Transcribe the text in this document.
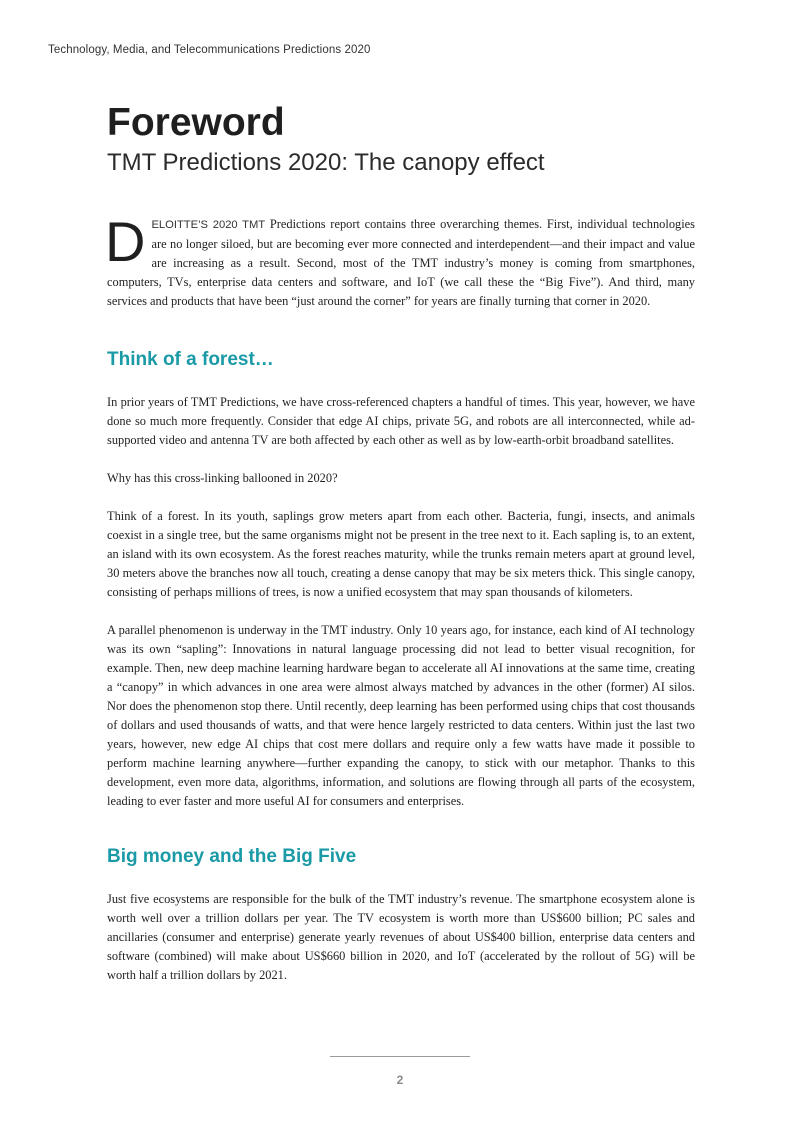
Technology, Media, and Telecommunications Predictions 2020
Foreword
TMT Predictions 2020: The canopy effect

DELOITTE’S 2020 TMT Predictions report contains three overarching themes. First, individual technologies are no longer siloed, but are becoming ever more connected and interdependent—and their impact and value are increasing as a result. Second, most of the TMT industry’s money is coming from smartphones, computers, TVs, enterprise data centers and software, and IoT (we call these the “Big Five”). And third, many services and products that have been “just around the corner” for years are finally turning that corner in 2020.

Think of a forest…

In prior years of TMT Predictions, we have cross-referenced chapters a handful of times. This year, however, we have done so much more frequently. Consider that edge AI chips, private 5G, and robots are all interconnected, while ad-supported video and antenna TV are both affected by each other as well as by low-earth-orbit broadband satellites.

Why has this cross-linking ballooned in 2020?

Think of a forest. In its youth, saplings grow meters apart from each other. Bacteria, fungi, insects, and animals coexist in a single tree, but the same organisms might not be present in the tree next to it. Each sapling is, to an extent, an island with its own ecosystem. As the forest reaches maturity, while the trunks remain meters apart at ground level, 30 meters above the branches now all touch, creating a dense canopy that may be six meters thick. This single canopy, consisting of perhaps millions of trees, is now a unified ecosystem that may span thousands of kilometers.

A parallel phenomenon is underway in the TMT industry. Only 10 years ago, for instance, each kind of AI technology was its own “sapling”: Innovations in natural language processing did not lead to better visual recognition, for example. Then, new deep machine learning hardware began to accelerate all AI innovations at the same time, creating a “canopy” in which advances in one area were almost always matched by advances in the other (former) AI silos. Nor does the phenomenon stop there. Until recently, deep learning has been performed using chips that cost thousands of dollars and used thousands of watts, and that were hence largely restricted to data centers. Within just the last two years, however, new edge AI chips that cost mere dollars and require only a few watts have made it possible to perform machine learning anywhere—further expanding the canopy, to stick with our metaphor. Thanks to this development, even more data, algorithms, information, and solutions are flowing through all parts of the ecosystem, leading to ever faster and more useful AI for consumers and enterprises.

Big money and the Big Five

Just five ecosystems are responsible for the bulk of the TMT industry’s revenue. The smartphone ecosystem alone is worth well over a trillion dollars per year. The TV ecosystem is worth more than US$600 billion; PC sales and ancillaries (consumer and enterprise) generate yearly revenues of about US$400 billion, enterprise data centers and software (combined) will make about US$660 billion in 2020, and IoT (accelerated by the rollout of 5G) will be worth half a trillion dollars by 2021.

2
